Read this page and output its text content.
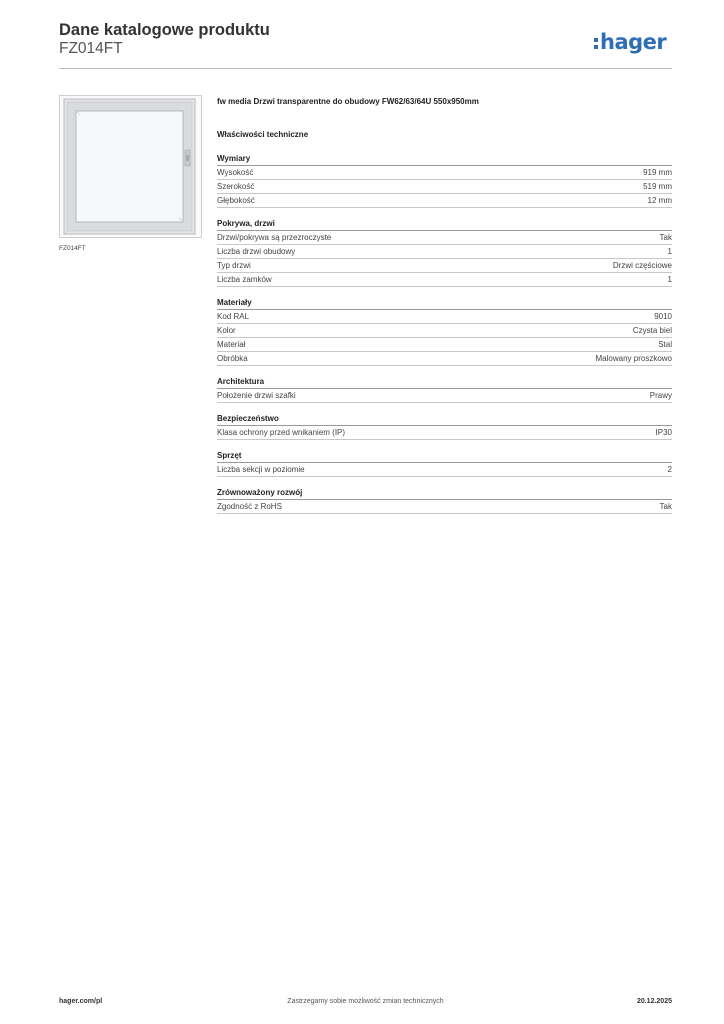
Dane katalogowe produktu
FZ014FT	hager
FZ014FT
fw media Drzwi transparentne do obudowy FW62/63/64U 550x950mm
Właściwości techniczne
Wymiary
Wysokość	919 mm
Szerokość	519 mm
Głębokość	12 mm
Pokrywa, drzwi
Drzwi/pokrywa są przezroczyste	Tak
Liczba drzwi obudowy	1
Typ drzwi	Drzwi częściowe
Liczba zamków	1
Materiały
Kod RAL	9010
Kolor	Czysta biel
Materiał	Stal
Obróbka	Malowany proszkowo
Architektura
Położenie drzwi szafki	Prawy
Bezpieczeństwo
Klasa ochrony przed wnikaniem (IP)	IP30
Sprzęt
Liczba sekcji w poziomie	2
Zrównoważony rozwój
Zgodność z RoHS	Tak
hager.com/pl	Zastrzegamy sobie możliwość zmian technicznych	20.12.2025
